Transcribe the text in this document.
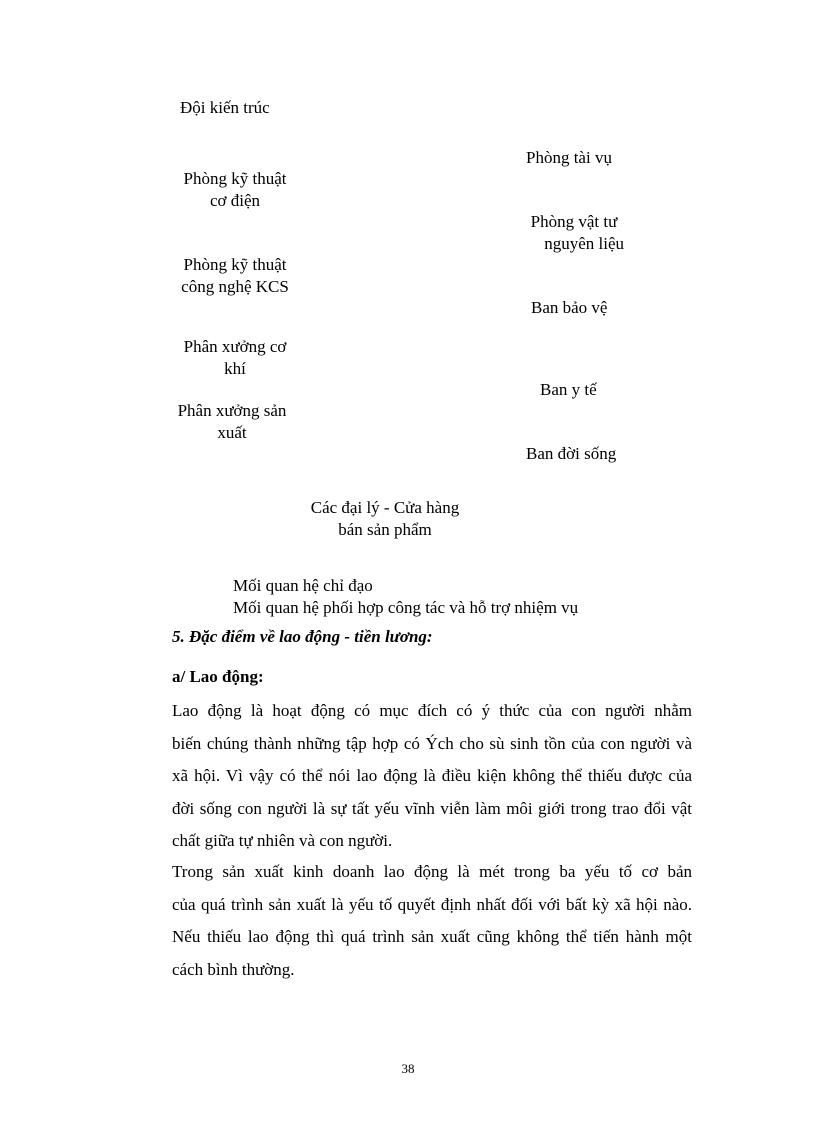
Đội kiến trúc
Phòng kỹ thuật
cơ điện
Phòng kỹ thuật
công nghệ KCS
Phân xưởng cơ
khí
Phân xưởng sản
xuất
Phòng tài vụ
Phòng vật tư
nguyên liệu
Ban bảo vệ
Ban y tế
Ban đời sống
Các đại lý - Cửa hàng
bán sản phẩm
Mối quan hệ chỉ đạo
Mối quan hệ phối hợp công tác và hỗ trợ nhiệm vụ
5. Đặc điểm về lao động - tiền lương:
a/ Lao động:
Lao động là hoạt động có mục đích có ý thức của con người nhằm
biến chúng thành những tập hợp có Ých cho sù sinh tồn của con người và
xã hội. Vì vậy có thể nói lao động là điều kiện không thể thiếu được của
đời sống con người là sự tất yếu vĩnh viễn làm môi giới trong trao đổi vật
chất giữa tự nhiên và con người.
Trong sản xuất kinh doanh lao động là mét trong ba yếu tố cơ bản
của quá trình sản xuất là yếu tố quyết định nhất đối với bất kỳ xã hội nào.
Nếu thiếu lao động thì quá trình sản xuất cũng không thể tiến hành một
cách bình thường.
38
